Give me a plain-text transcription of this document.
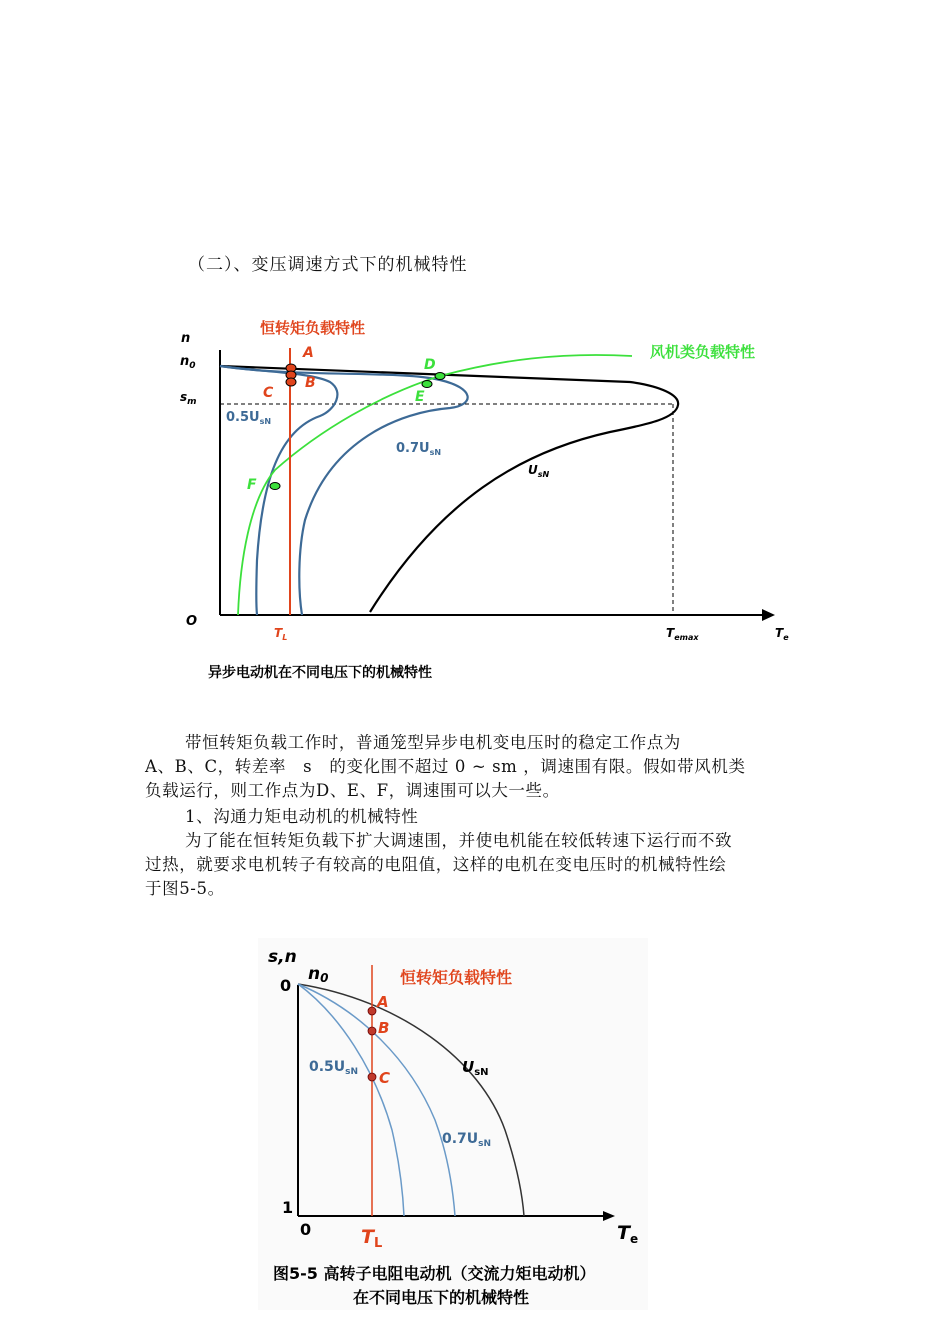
（二）、变压调速方式下的机械特性
恒转矩负载特性
风机类负载特性
n
$n_0$
$s_m$
O
$T_L$	$T_{emax}$	$T_e$
$0.5U_{sN}$
$0.7U_{sN}$
$U_{sN}$
A
B
C
D
E
F
异步电动机在不同电压下的机械特性
带恒转矩负载工作时，普通笼型异步电机变电压时的稳定工作点为
A、B、C，转差率　s　的变化围不超过 0 ~ sm ，调速围有限。假如带风机类
负载运行，则工作点为D、E、F，调速围可以大一些。
1、沟通力矩电动机的机械特性
为了能在恒转矩负载下扩大调速围，并使电机能在较低转速下运行而不致
过热，就要求电机转子有较高的电阻值，这样的电机在变电压时的机械特性绘
于图5-5。
s,n
n0
0
1
0
恒转矩负载特性
$T_L$	$T_e$
$U_{sN}$
$0.5U_{sN}$
$0.7U_{sN}$
A
B
C
图5-5 高转子电阻电动机（交流力矩电动机）
在不同电压下的机械特性
